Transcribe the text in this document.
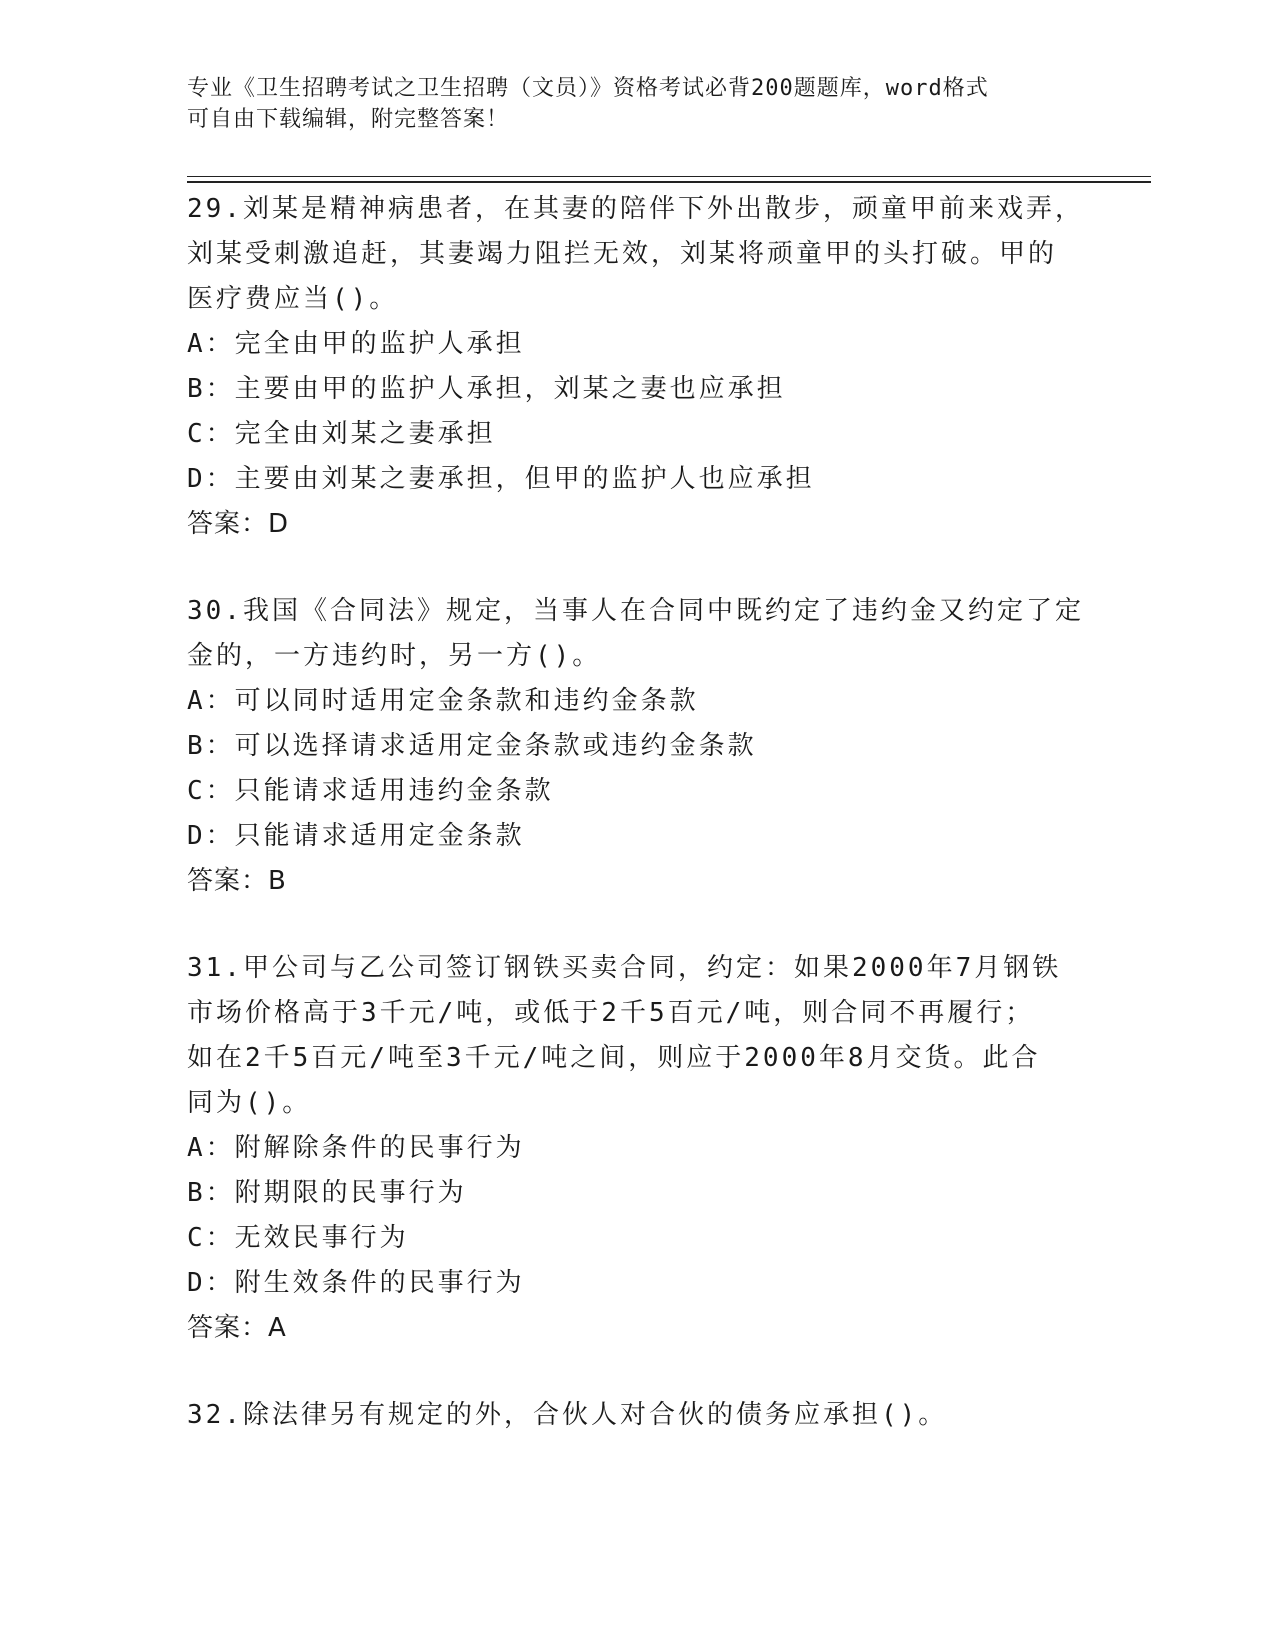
专业《卫生招聘考试之卫生招聘（文员）》资格考试必背200题题库，word格式
可自由下载编辑，附完整答案！
29.刘某是精神病患者，在其妻的陪伴下外出散步，顽童甲前来戏弄，
刘某受刺激追赶，其妻竭力阻拦无效，刘某将顽童甲的头打破。甲的
医疗费应当()。
A：完全由甲的监护人承担
B：主要由甲的监护人承担，刘某之妻也应承担
C：完全由刘某之妻承担
D：主要由刘某之妻承担，但甲的监护人也应承担
答案：D
30.我国《合同法》规定，当事人在合同中既约定了违约金又约定了定
金的，一方违约时，另一方()。
A：可以同时适用定金条款和违约金条款
B：可以选择请求适用定金条款或违约金条款
C：只能请求适用违约金条款
D：只能请求适用定金条款
答案：B
31.甲公司与乙公司签订钢铁买卖合同，约定：如果2000年7月钢铁
市场价格高于3千元/吨，或低于2千5百元/吨，则合同不再履行；
如在2千5百元/吨至3千元/吨之间，则应于2000年8月交货。此合
同为()。
A：附解除条件的民事行为
B：附期限的民事行为
C：无效民事行为
D：附生效条件的民事行为
答案：A
32.除法律另有规定的外，合伙人对合伙的债务应承担()。
